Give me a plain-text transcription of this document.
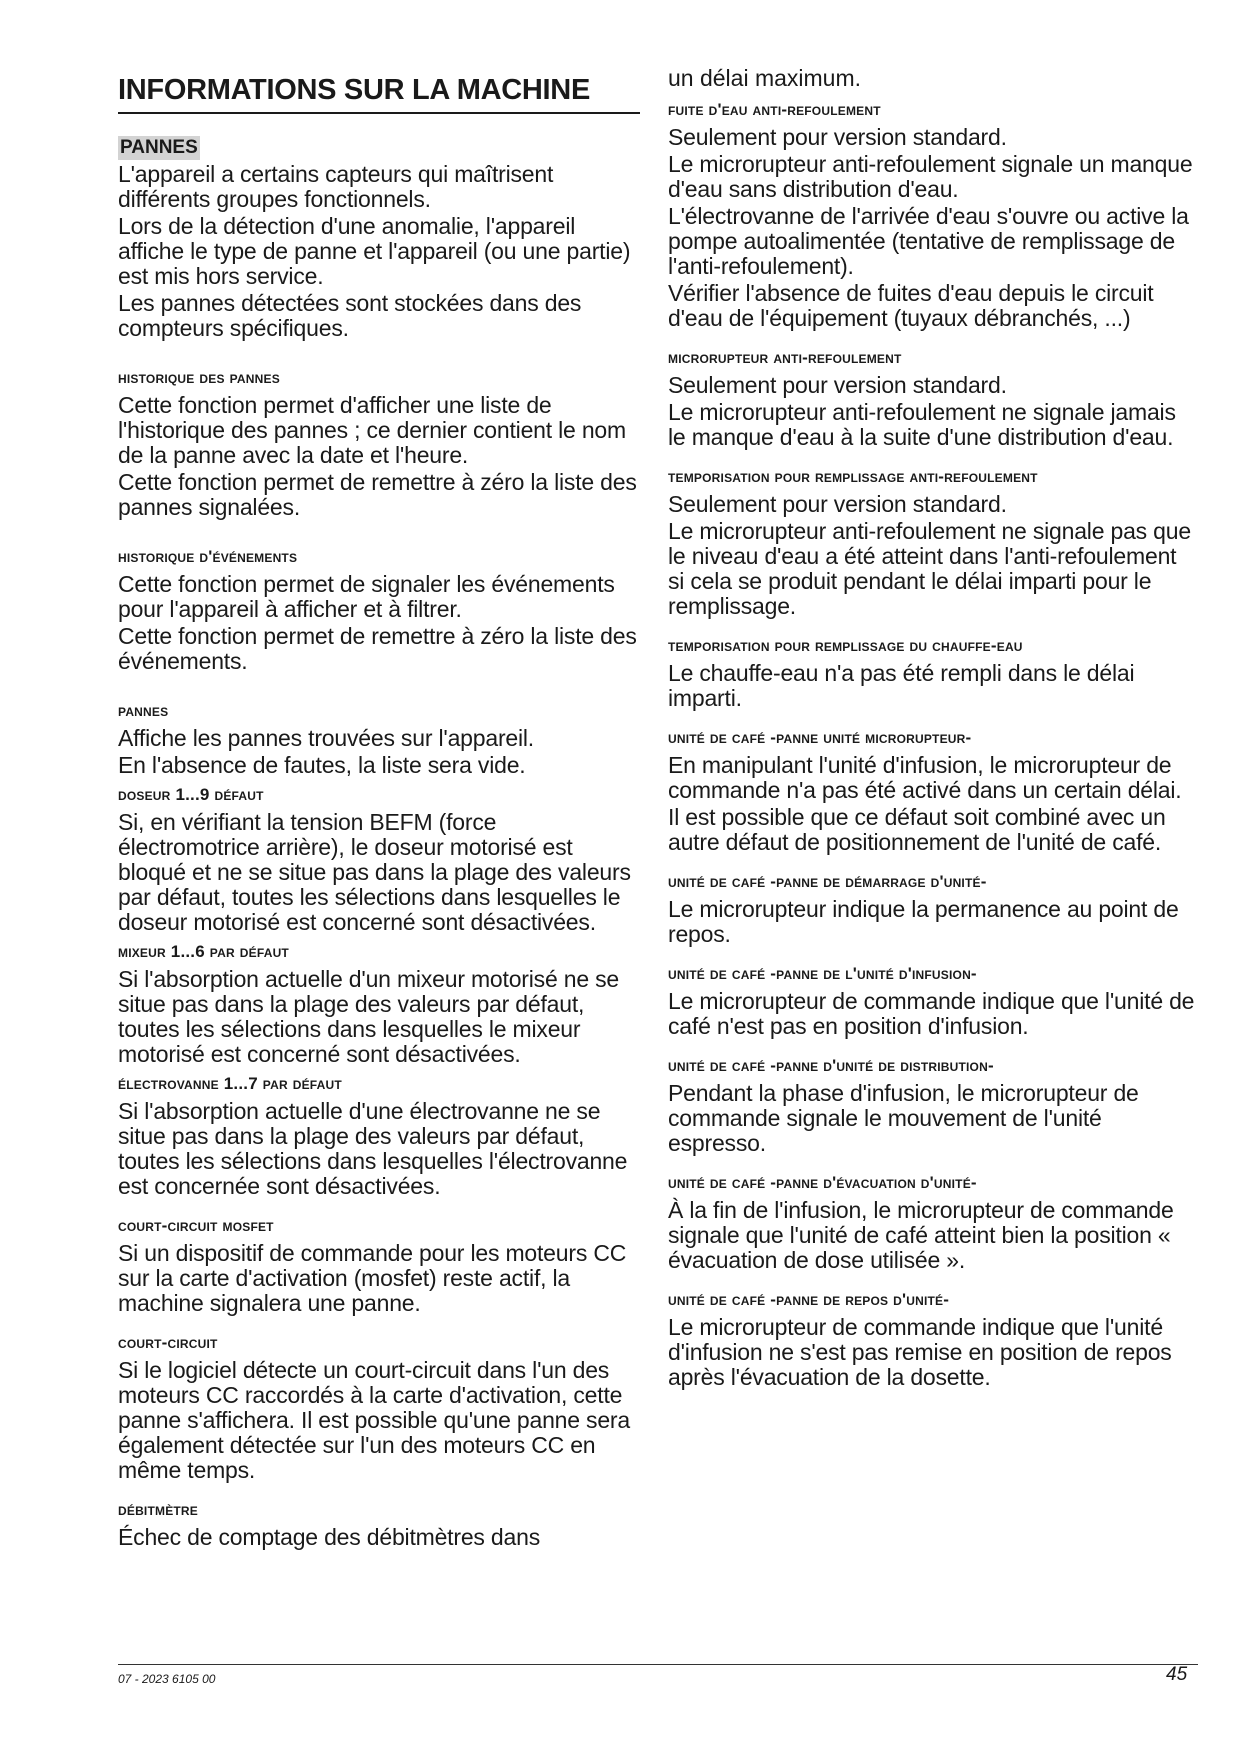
INFORMATIONS SUR LA MACHINE
PANNES

L'appareil a certains capteurs qui maîtrisent différents groupes fonctionnels.

Lors de la détection d'une anomalie, l'appareil affiche le type de panne et l'appareil (ou une partie) est mis hors service.

Les pannes détectées sont stockées dans des compteurs spécifiques.

historique des pannes

Cette fonction permet d'afficher une liste de l'historique des pannes ; ce dernier contient le nom de la panne avec la date et l'heure.

Cette fonction permet de remettre à zéro la liste des pannes signalées.

historique d'événements

Cette fonction permet de signaler les événements pour l'appareil à afficher et à filtrer.

Cette fonction permet de remettre à zéro la liste des événements.

pannes

Affiche les pannes trouvées sur l'appareil.

En l'absence de fautes, la liste sera vide.

doseur 1...9 défaut

Si, en vérifiant la tension BEFM (force électromotrice arrière), le doseur motorisé est bloqué et ne se situe pas dans la plage des valeurs par défaut, toutes les sélections dans lesquelles le doseur motorisé est concerné sont désactivées.

mixeur 1...6 par défaut

Si l'absorption actuelle d'un mixeur motorisé ne se situe pas dans la plage des valeurs par défaut, toutes les sélections dans lesquelles le mixeur motorisé est concerné sont désactivées.

électrovanne 1...7 par défaut

Si l'absorption actuelle d'une électrovanne ne se situe pas dans la plage des valeurs par défaut, toutes les sélections dans lesquelles l'électrovanne est concernée sont désactivées.

court-circuit mosfet

Si un dispositif de commande pour les moteurs CC sur la carte d'activation (mosfet) reste actif, la machine signalera une panne.

court-circuit

Si le logiciel détecte un court-circuit dans l'un des moteurs CC raccordés à la carte d'activation, cette panne s'affichera. Il est possible qu'une panne sera également détectée sur l'un des moteurs CC en même temps.

débitmètre

Échec de comptage des débitmètres dans

un délai maximum.

fuite d'eau anti-refoulement

Seulement pour version standard.

Le microrupteur anti-refoulement signale un manque d'eau sans distribution d'eau.

L'électrovanne de l'arrivée d'eau s'ouvre ou active la pompe autoalimentée (tentative de remplissage de l'anti-refoulement).

Vérifier l'absence de fuites d'eau depuis le circuit d'eau de l'équipement (tuyaux débranchés, ...)

microrupteur anti-refoulement

Seulement pour version standard.

Le microrupteur anti-refoulement ne signale jamais le manque d'eau à la suite d'une distribution d'eau.

temporisation pour remplissage anti-refoulement

Seulement pour version standard.

Le microrupteur anti-refoulement ne signale pas que le niveau d'eau a été atteint dans l'anti-refoulement si cela se produit pendant le délai imparti pour le remplissage.

temporisation pour remplissage du chauffe-eau

Le chauffe-eau n'a pas été rempli dans le délai imparti.

unité de café -panne unité microrupteur-

En manipulant l'unité d'infusion, le microrupteur de commande n'a pas été activé dans un certain délai.

Il est possible que ce défaut soit combiné avec un autre défaut de positionnement de l'unité de café.

unité de café -panne de démarrage d'unité-

Le microrupteur indique la permanence au point de repos.

unité de café -panne de l'unité d'infusion-

Le microrupteur de commande indique que l'unité de café n'est pas en position d'infusion.

unité de café -panne d'unité de distribution-

Pendant la phase d'infusion, le microrupteur de commande signale le mouvement de l'unité espresso.

unité de café -panne d'évacuation d'unité-

À la fin de l'infusion, le microrupteur de commande signale que l'unité de café atteint bien la position « évacuation de dose utilisée ».

unité de café -panne de repos d'unité-

Le microrupteur de commande indique que l'unité d'infusion ne s'est pas remise en position de repos après l'évacuation de la dosette.

07 - 2023 6105 00	45
